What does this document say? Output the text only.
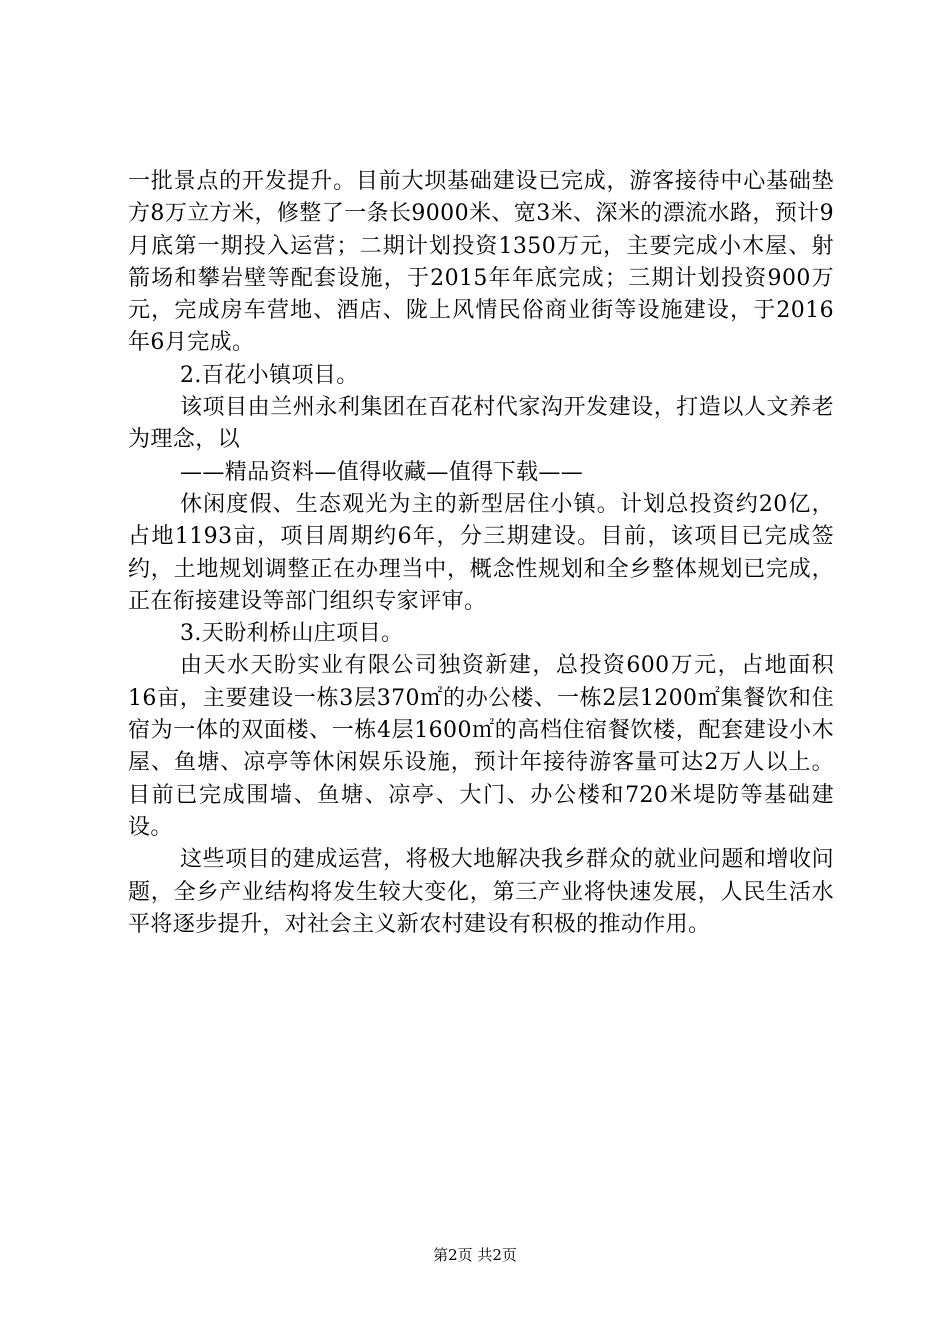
一批景点的开发提升。目前大坝基础建设已完成，游客接待中心基础垫方8万立方米，修整了一条长9000米、宽3米、深米的漂流水路，预计9月底第一期投入运营；二期计划投资1350万元，主要完成小木屋、射箭场和攀岩壁等配套设施，于2015年年底完成；三期计划投资900万元，完成房车营地、酒店、陇上风情民俗商业街等设施建设，于2016年6月完成。

2.百花小镇项目。

该项目由兰州永利集团在百花村代家沟开发建设，打造以人文养老为理念，以

——精品资料—值得收藏—值得下载——

休闲度假、生态观光为主的新型居住小镇。计划总投资约20亿，占地1193亩，项目周期约6年，分三期建设。目前，该项目已完成签约，土地规划调整正在办理当中，概念性规划和全乡整体规划已完成，正在衔接建设等部门组织专家评审。

3.天盼利桥山庄项目。

由天水天盼实业有限公司独资新建，总投资600万元，占地面积16亩，主要建设一栋3层370㎡的办公楼、一栋2层1200㎡集餐饮和住宿为一体的双面楼、一栋4层1600㎡的高档住宿餐饮楼，配套建设小木屋、鱼塘、凉亭等休闲娱乐设施，预计年接待游客量可达2万人以上。目前已完成围墙、鱼塘、凉亭、大门、办公楼和720米堤防等基础建设。

这些项目的建成运营，将极大地解决我乡群众的就业问题和增收问题，全乡产业结构将发生较大变化，第三产业将快速发展，人民生活水平将逐步提升，对社会主义新农村建设有积极的推动作用。

第2页 共2页
